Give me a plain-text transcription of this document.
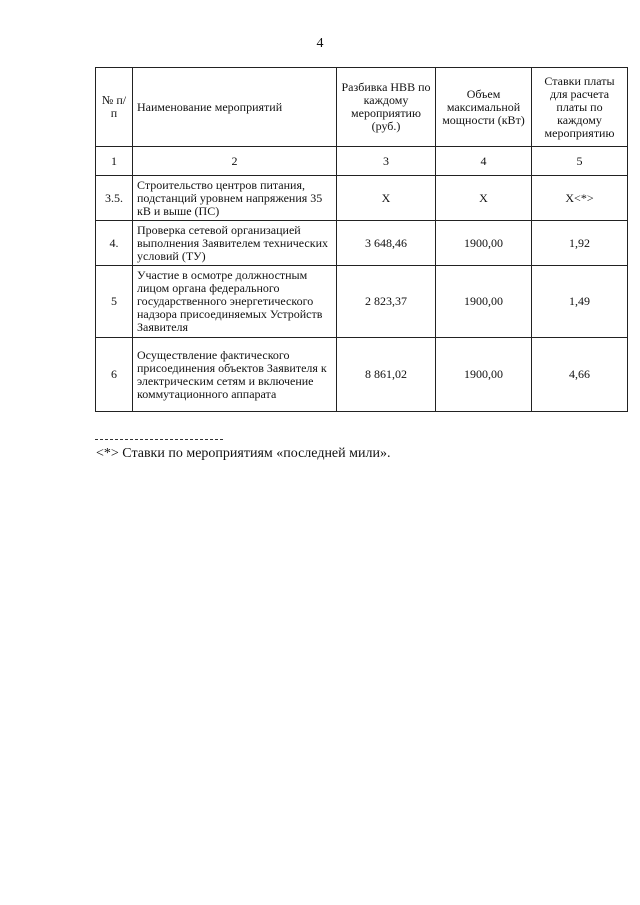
4
№ п/п	Наименование мероприятий	Разбивка НВВ по каждому мероприятию (руб.)	Объем максимальной мощности (кВт)	Ставки платы для расчета платы по каждому мероприятию
1	2	3	4	5
3.5.	Строительство центров питания, подстанций уровнем напряжения 35 кВ и выше (ПС)	Х	Х	Х<*>
4.	Проверка сетевой организацией выполнения Заявителем технических условий (ТУ)	3 648,46	1900,00	1,92
5	Участие в осмотре должностным лицом органа федерального государственного энергетического надзора присоединяемых Устройств Заявителя	2 823,37	1900,00	1,49
6	Осуществление фактического присоединения объектов Заявителя к электрическим сетям и включение коммутационного аппарата	8 861,02	1900,00	4,66
<*> Ставки по мероприятиям «последней мили».
